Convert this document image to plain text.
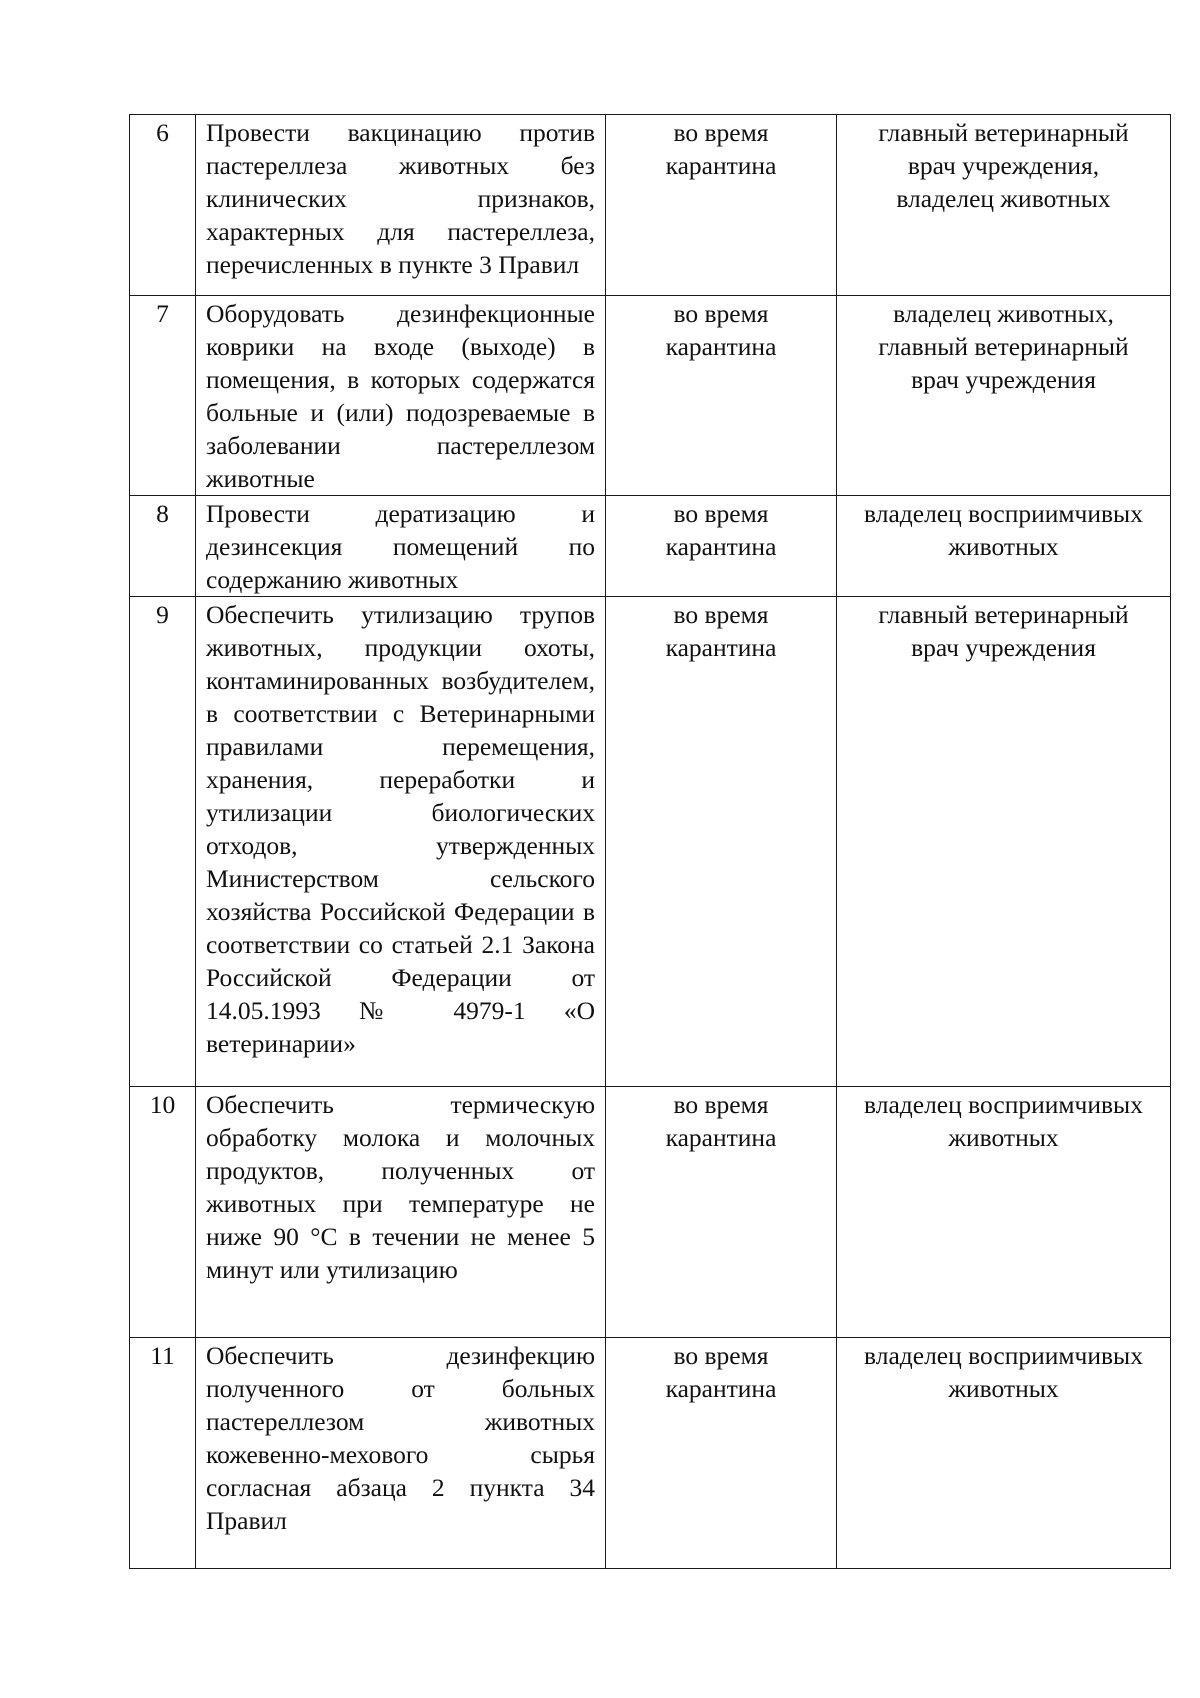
6	Провести вакцинацию против пастереллеза животных без клинических признаков, характерных для пастереллеза, перечисленных в пункте 3 Правил	во время карантина	главный ветеринарный врач учреждения, владелец животных

7	Оборудовать дезинфекционные коврики на входе (выходе) в помещения, в которых содержатся больные и (или) подозреваемые в заболевании пастереллезом животные	во время карантина	владелец животных, главный ветеринарный врач учреждения

8	Провести дератизацию и дезинсекция помещений по содержанию животных	во время карантина	владелец восприимчивых животных

9	Обеспечить утилизацию трупов животных, продукции охоты, контаминированных возбудителем, в соответствии с Ветеринарными правилами перемещения, хранения, переработки и утилизации биологических отходов, утвержденных Министерством сельского хозяйства Российской Федерации в соответствии со статьей 2.1 Закона Российской Федерации от 14.05.1993 № 4979-1 «О ветеринарии»	во время карантина	главный ветеринарный врач учреждения

10	Обеспечить термическую обработку молока и молочных продуктов, полученных от животных при температуре не ниже 90 °С в течении не менее 5 минут или утилизацию	во время карантина	владелец восприимчивых животных

11	Обеспечить дезинфекцию полученного от больных пастереллезом животных кожевенно-мехового сырья согласная абзаца 2 пункта 34 Правил	во время карантина	владелец восприимчивых животных
